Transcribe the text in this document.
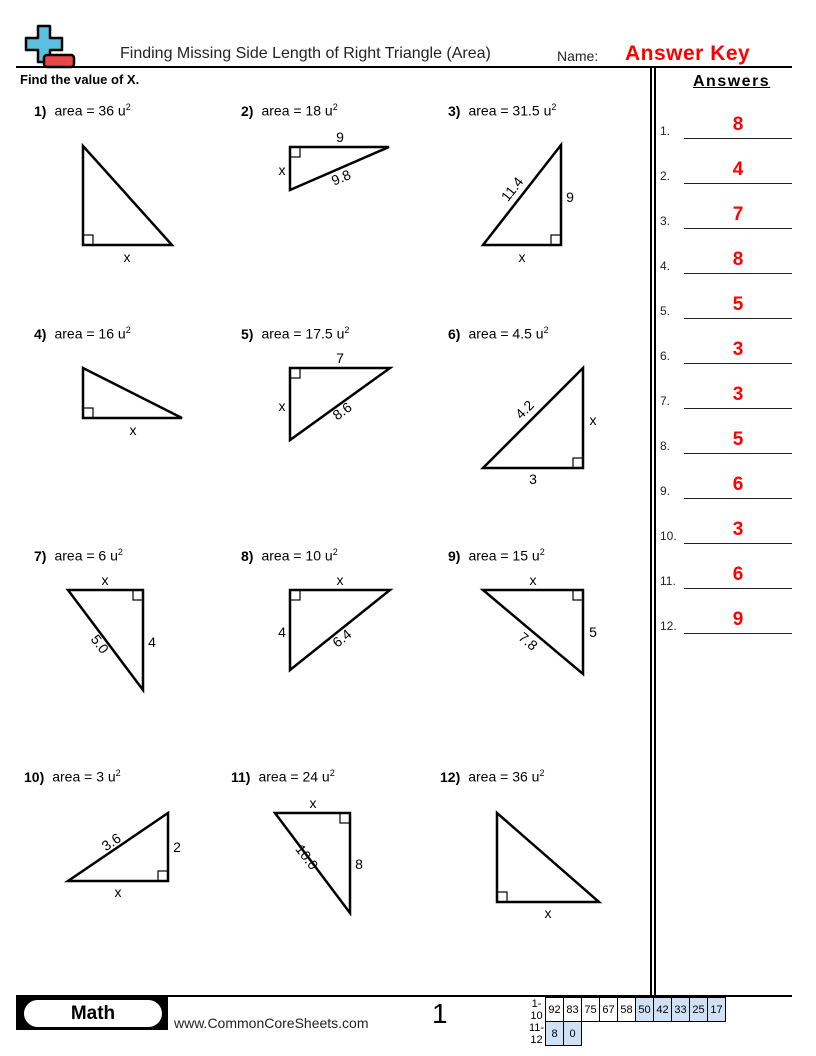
Finding Missing Side Length of Right Triangle (Area)	Name: Answer Key
Find the value of X.	Answers
1.	8
2.	4
3.	7
4.	8
5.	5
6.	3
7.	3
8.	5
9.	6
10.	3
11.	6
12.	9
1) area = 36 $u^2$
x
2) area = 18 $u^2$
9
x	9.8
3) area = 31.5 $u^2$
11.4	9
x
4) area = 16 $u^2$
x
5) area = 17.5 $u^2$
7
x	8.6
6) area = 4.5 $u^2$
4.2	x
3
7) area = 6 $u^2$
x
5.0	4
8) area = 10 $u^2$
x
4	6.4
9) area = 15 $u^2$
x
7.8	5
10) area = 3 $u^2$
3.6	2
x
11) area = 24 $u^2$
x
10.0 8
12) area = 36 $u^2$
x
Math	www.CommonCoreSheets.com 1	1-10	92	83	75	67	58	50	42	33	25	17
11-12	8	0								
